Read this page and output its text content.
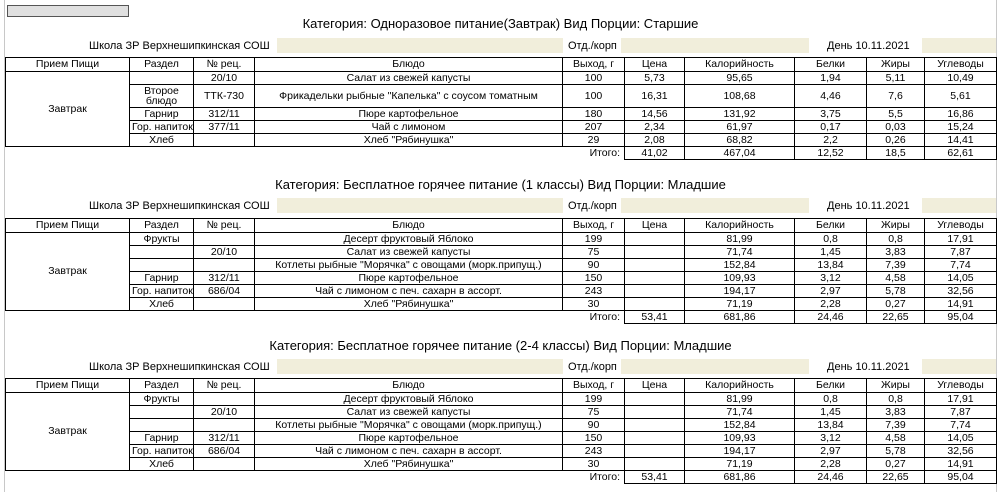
Категория: Одноразовое питание(Завтрак) Вид Порции: Старшие
Школа ЗР Верхнешипкинская СОШ	Отд./корп	День 10.11.2021
Прием Пищи	Раздел	№ рец.	Блюдо	Выход, г	Цена	Калорийность	Белки	Жиры	Углеводы
Завтрак		20/10	Салат из свежей капусты	100	5,73	95,65	1,94	5,11	10,49
	Второе блюдо	ТТК-730	Фрикадельки рыбные "Капелька" с соусом томатным	100	16,31	108,68	4,46	7,6	5,61
	Гарнир	312/11	Пюре картофельное	180	14,56	131,92	3,75	5,5	16,86
	Гор. напиток	377/11	Чай с лимоном	207	2,34	61,97	0,17	0,03	15,24
	Хлеб		Хлеб "Рябинушка"	29	2,08	68,82	2,2	0,26	14,41
Итого:					41,02	467,04	12,52	18,5	62,61
Категория: Бесплатное горячее питание (1 классы) Вид Порции: Младшие
Школа ЗР Верхнешипкинская СОШ	Отд./корп	День 10.11.2021
Прием Пищи	Раздел	№ рец.	Блюдо	Выход, г	Цена	Калорийность	Белки	Жиры	Углеводы
Завтрак	Фрукты		Десерт фруктовый Яблоко	199		81,99	0,8	0,8	17,91
		20/10	Салат из свежей капусты	75		71,74	1,45	3,83	7,87
			Котлеты рыбные "Морячка" с овощами (морк.припущ.)	90		152,84	13,84	7,39	7,74
	Гарнир	312/11	Пюре картофельное	150		109,93	3,12	4,58	14,05
	Гор. напиток	686/04	Чай с лимоном с печ. сахарн в ассорт.	243		194,17	2,97	5,78	32,56
	Хлеб		Хлеб "Рябинушка"	30		71,19	2,28	0,27	14,91
Итого:					53,41	681,86	24,46	22,65	95,04
Категория: Бесплатное горячее питание (2-4 классы) Вид Порции: Младшие
Школа ЗР Верхнешипкинская СОШ	Отд./корп	День 10.11.2021
Прием Пищи	Раздел	№ рец.	Блюдо	Выход, г	Цена	Калорийность	Белки	Жиры	Углеводы
Завтрак	Фрукты		Десерт фруктовый Яблоко	199		81,99	0,8	0,8	17,91
		20/10	Салат из свежей капусты	75		71,74	1,45	3,83	7,87
			Котлеты рыбные "Морячка" с овощами (морк.припущ.)	90		152,84	13,84	7,39	7,74
	Гарнир	312/11	Пюре картофельное	150		109,93	3,12	4,58	14,05
	Гор. напиток	686/04	Чай с лимоном с печ. сахарн в ассорт.	243		194,17	2,97	5,78	32,56
	Хлеб		Хлеб "Рябинушка"	30		71,19	2,28	0,27	14,91
Итого:					53,41	681,86	24,46	22,65	95,04
